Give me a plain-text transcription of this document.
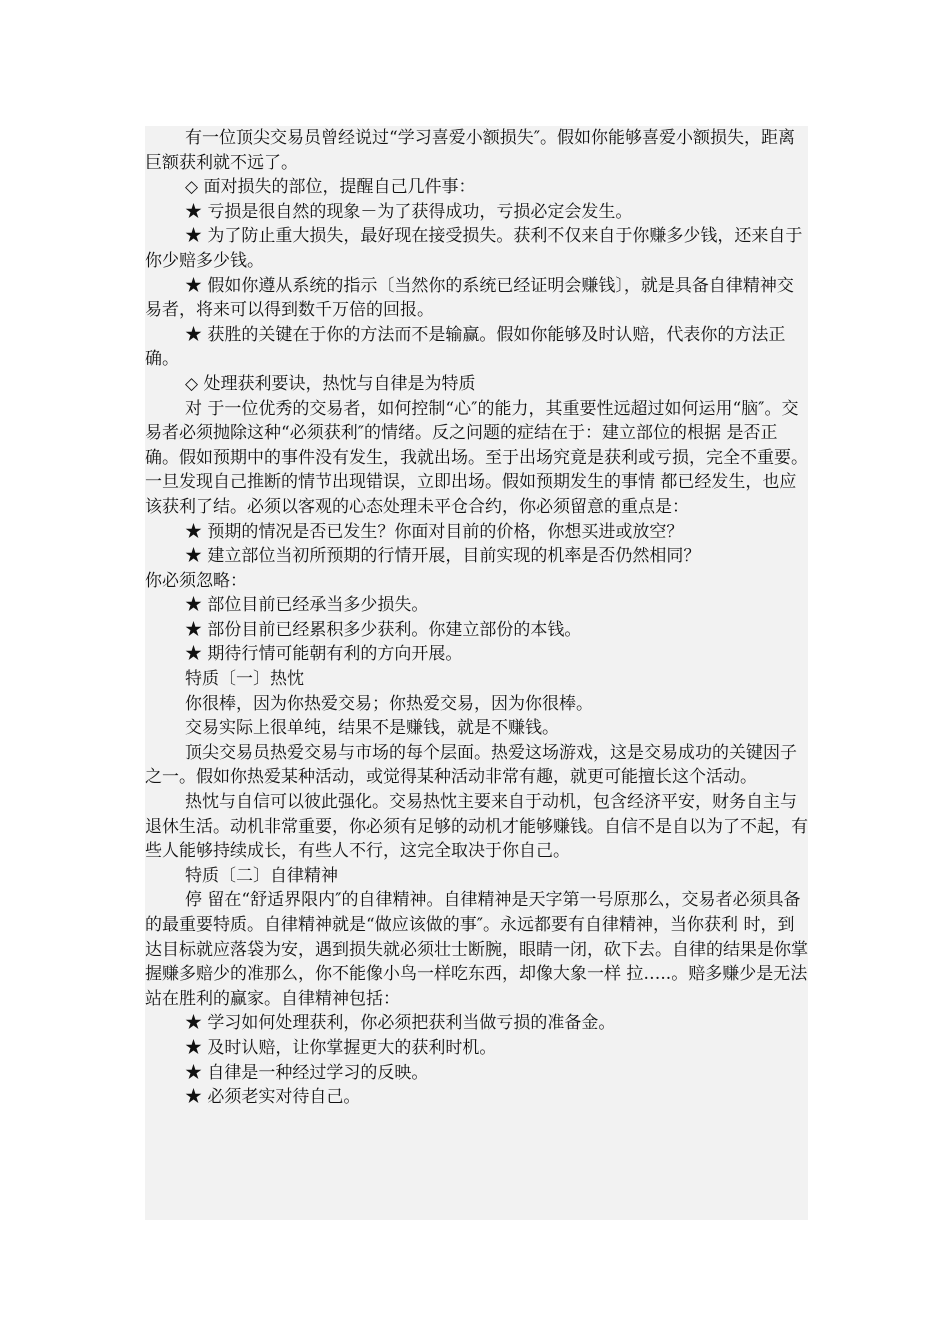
有一位顶尖交易员曾经说过“学习喜爱小额损失″。假如你能够喜爱小额损失，距离巨额获利就不远了。

◇ 面对损失的部位，提醒自己几件事：

★ 亏损是很自然的现象－为了获得成功，亏损必定会发生。

★ 为了防止重大损失，最好现在接受损失。获利不仅来自于你赚多少钱，还来自于你少赔多少钱。

★ 假如你遵从系统的指示〔当然你的系统已经证明会赚钱〕，就是具备自律精神交易者，将来可以得到数千万倍的回报。

★ 获胜的关键在于你的方法而不是输赢。假如你能够及时认赔，代表你的方法正确。

◇ 处理获利要诀，热忱与自律是为特质

对 于一位优秀的交易者，如何控制“心″的能力，其重要性远超过如何运用“脑″。交易者必须抛除这种“必须获利″的情绪。反之问题的症结在于：建立部位的根据 是否正确。假如预期中的事件没有发生，我就出场。至于出场究竟是获利或亏损，完全不重要。一旦发现自己推断的情节出现错误，立即出场。假如预期发生的事情 都已经发生，也应该获利了结。必须以客观的心态处理未平仓合约，你必须留意的重点是：

★ 预期的情况是否已发生？你面对目前的价格，你想买进或放空？

★ 建立部位当初所预期的行情开展，目前实现的机率是否仍然相同？

你必须忽略：

★ 部位目前已经承当多少损失。

★ 部份目前已经累积多少获利。你建立部份的本钱。

★ 期待行情可能朝有利的方向开展。

特质〔一〕热忱

你很棒，因为你热爱交易；你热爱交易，因为你很棒。

交易实际上很单纯，结果不是赚钱，就是不赚钱。

顶尖交易员热爱交易与市场的每个层面。热爱这场游戏，这是交易成功的关键因子之一。假如你热爱某种活动，或觉得某种活动非常有趣，就更可能擅长这个活动。

热忱与自信可以彼此强化。交易热忱主要来自于动机，包含经济平安，财务自主与退休生活。动机非常重要，你必须有足够的动机才能够赚钱。自信不是自以为了不起，有些人能够持续成长，有些人不行，这完全取决于你自己。

特质〔二〕自律精神

停 留在“舒适界限内″的自律精神。自律精神是天字第一号原那么，交易者必须具备的最重要特质。自律精神就是“做应该做的事″。永远都要有自律精神，当你获利 时，到达目标就应落袋为安，遇到损失就必须壮士断腕，眼睛一闭，砍下去。自律的结果是你掌握赚多赔少的准那么，你不能像小鸟一样吃东西，却像大象一样 拉…..。赔多赚少是无法站在胜利的赢家。自律精神包括：

★ 学习如何处理获利，你必须把获利当做亏损的准备金。

★ 及时认赔，让你掌握更大的获利时机。

★ 自律是一种经过学习的反映。

★ 必须老实对待自己。
